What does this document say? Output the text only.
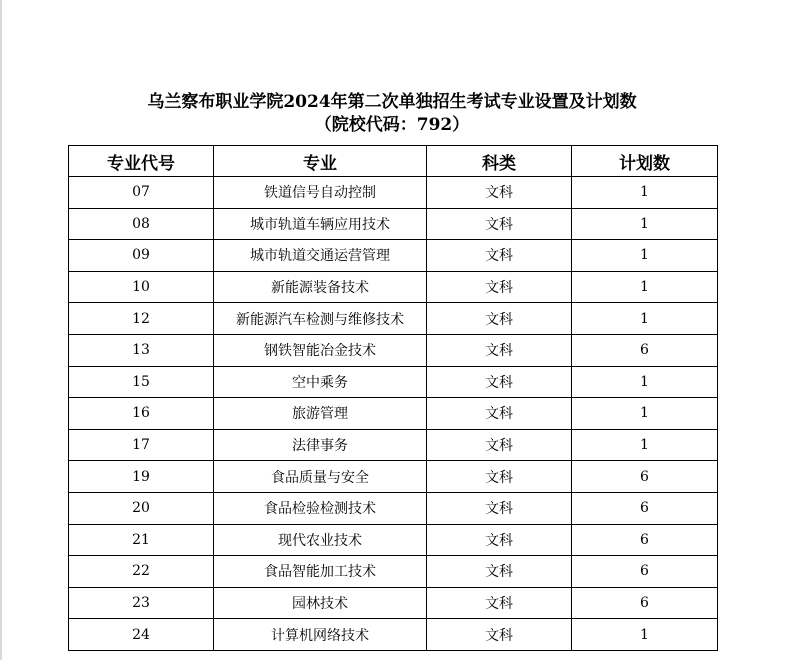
乌兰察布职业学院2024年第二次单独招生考试专业设置及计划数
（院校代码：792）
专业代号	专业	科类	计划数
07	铁道信号自动控制	文科	1
08	城市轨道车辆应用技术	文科	1
09	城市轨道交通运营管理	文科	1
10	新能源装备技术	文科	1
12	新能源汽车检测与维修技术	文科	1
13	钢铁智能冶金技术	文科	6
15	空中乘务	文科	1
16	旅游管理	文科	1
17	法律事务	文科	1
19	食品质量与安全	文科	6
20	食品检验检测技术	文科	6
21	现代农业技术	文科	6
22	食品智能加工技术	文科	6
23	园林技术	文科	6
24	计算机网络技术	文科	1
